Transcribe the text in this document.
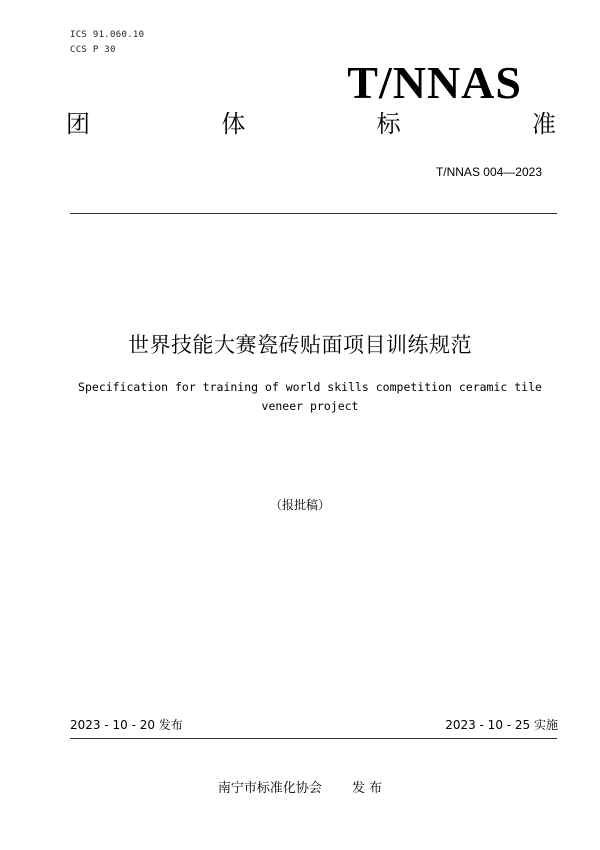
ICS 91.060.10
CCS P 30
T/NNAS
团	体	标	准
T/NNAS 004—2023
世界技能大赛瓷砖贴面项目训练规范
Specification for training of world skills competition ceramic tile veneer project
（报批稿）
2023 - 10 - 20 发布	2023 - 10 - 25 实施
南宁市标准化协会 发 布
